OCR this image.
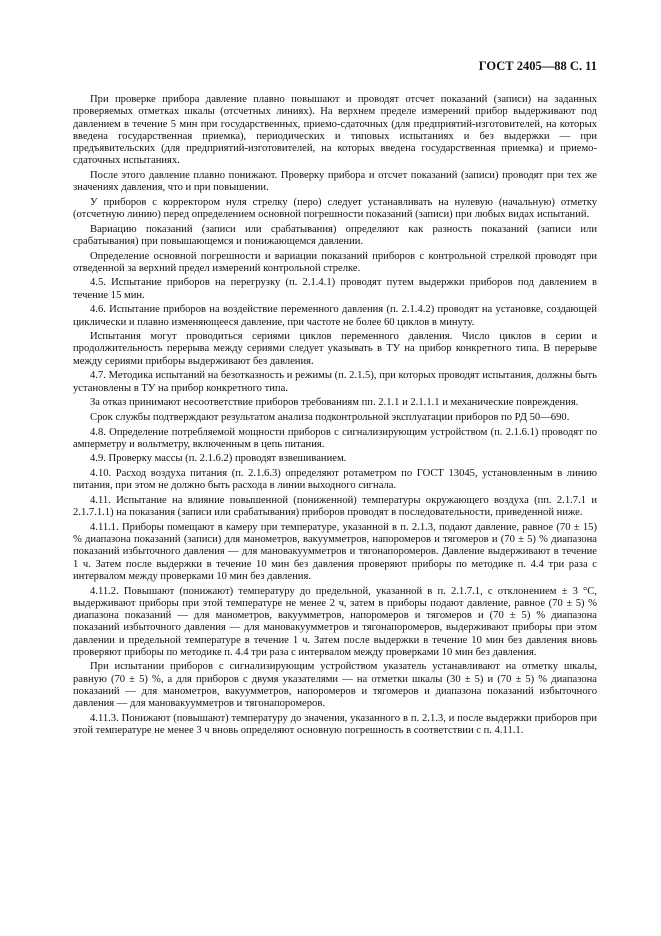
ГОСТ 2405—88 С. 11

При проверке прибора давление плавно повышают и проводят отсчет показаний (записи) на заданных проверяемых отметках шкалы (отсчетных линиях). На верхнем пределе измерений прибор выдерживают под давлением в течение 5 мин при государственных, приемо-сдаточных (для предприятий-изготовителей, на которых введена государственная приемка), периодических и типовых испытаниях и без выдержки — при предъявительских (для предприятий-изготовителей, на которых введена государственная приемка) и приемо-сдаточных испытаниях.

После этого давление плавно понижают. Проверку прибора и отсчет показаний (записи) проводят при тех же значениях давления, что и при повышении.

У приборов с корректором нуля стрелку (перо) следует устанавливать на нулевую (начальную) отметку (отсчетную линию) перед определением основной погрешности показаний (записи) при любых видах испытаний.

Вариацию показаний (записи или срабатывания) определяют как разность показаний (записи или срабатывания) при повышающемся и понижающемся давлении.

Определение основной погрешности и вариации показаний приборов с контрольной стрелкой проводят при отведенной за верхний предел измерений контрольной стрелке.

4.5. Испытание приборов на перегрузку (п. 2.1.4.1) проводят путем выдержки приборов под давлением в течение 15 мин.

4.6. Испытание приборов на воздействие переменного давления (п. 2.1.4.2) проводят на установке, создающей циклически и плавно изменяющееся давление, при частоте не более 60 циклов в минуту.

Испытания могут проводиться сериями циклов переменного давления. Число циклов в серии и продолжительность перерыва между сериями следует указывать в ТУ на прибор конкретного типа. В перерыве между сериями приборы выдерживают без давления.

4.7. Методика испытаний на безотказность и режимы (п. 2.1.5), при которых проводят испытания, должны быть установлены в ТУ на прибор конкретного типа.

За отказ принимают несоответствие приборов требованиям пп. 2.1.1 и 2.1.1.1 и механические повреждения.

Срок службы подтверждают результатом анализа подконтрольной эксплуатации приборов по РД 50—690.

4.8. Определение потребляемой мощности приборов с сигнализирующим устройством (п. 2.1.6.1) проводят по амперметру и вольтметру, включенным в цепь питания.

4.9. Проверку массы (п. 2.1.6.2) проводят взвешиванием.

4.10. Расход воздуха питания (п. 2.1.6.3) определяют ротаметром по ГОСТ 13045, установленным в линию питания, при этом не должно быть расхода в линии выходного сигнала.

4.11. Испытание на влияние повышенной (пониженной) температуры окружающего воздуха (пп. 2.1.7.1 и 2.1.7.1.1) на показания (записи или срабатывания) приборов проводят в последовательности, приведенной ниже.

4.11.1. Приборы помещают в камеру при температуре, указанной в п. 2.1.3, подают давление, равное (70 ± 15) % диапазона показаний (записи) для манометров, вакуумметров, напоромеров и тягомеров и (70 ± 5) % диапазона показаний избыточного давления — для мановакуумметров и тягонапоромеров. Давление выдерживают в течение 1 ч. Затем после выдержки в течение 10 мин без давления проверяют приборы по методике п. 4.4 три раза с интервалом между проверками 10 мин без давления.

4.11.2. Повышают (понижают) температуру до предельной, указанной в п. 2.1.7.1, с отклонением ± 3 °С, выдерживают приборы при этой температуре не менее 2 ч, затем в приборы подают давление, равное (70 ± 5) % диапазона показаний — для манометров, вакуумметров, напоромеров и тягомеров и (70 ± 5) % диапазона показаний избыточного давления — для мановакуумметров и тягонапоромеров, выдерживают приборы при этом давлении и предельной температуре в течение 1 ч. Затем после выдержки в течение 10 мин без давления вновь проверяют приборы по методике п. 4.4 три раза с интервалом между проверками 10 мин без давления.

При испытании приборов с сигнализирующим устройством указатель устанавливают на отметку шкалы, равную (70 ± 5) %, а для приборов с двумя указателями — на отметки шкалы (30 ± 5) и (70 ± 5) % диапазона показаний — для манометров, вакуумметров, напоромеров и тягомеров и диапазона показаний избыточного давления — для мановакуумметров и тягонапоромеров.

4.11.3. Понижают (повышают) температуру до значения, указанного в п. 2.1.3, и после выдержки приборов при этой температуре не менее 3 ч вновь определяют основную погрешность в соответствии с п. 4.11.1.
